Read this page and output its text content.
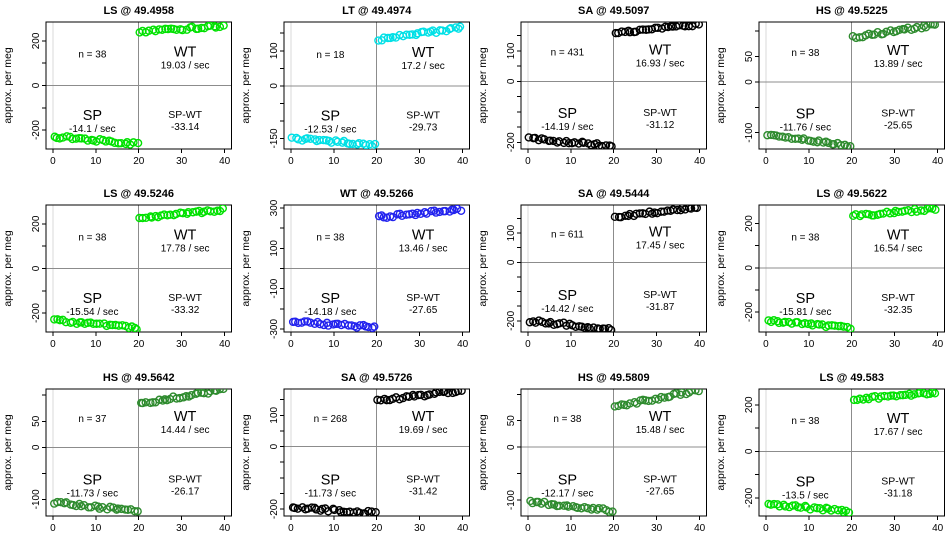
LS @ 49.4958
approx. per meg
0	10	20	30	40
200
0
-200
n = 38	WT
19.03 / sec
SP
-14.1 / sec
SP-WT
-33.14
LT @ 49.4974
approx. per meg
0	10	20	30	40
100
0
-150
n = 18	WT
17.2 / sec
SP
-12.53 / sec
SP-WT
-29.73
SA @ 49.5097
approx. per meg
0	10	20	30	40
100
0
-200
n = 431	WT
16.93 / sec
SP
-14.19 / sec
SP-WT
-31.12
HS @ 49.5225
approx. per meg
0	10	20	30	40
50
0
-100
n = 38	WT
13.89 / sec
SP
-11.76 / sec
SP-WT
-25.65
LS @ 49.5246
approx. per meg
0	10	20	30	40
200
0
-200
n = 38	WT
17.78 / sec
SP
-15.54 / sec
SP-WT
-33.32
WT @ 49.5266
approx. per meg
0	10	20	30	40
300
100
-100
-300
n = 38	WT
13.46 / sec
SP
-14.18 / sec
SP-WT
-27.65
SA @ 49.5444
approx. per meg
0	10	20	30	40
100
0
-200
n = 611	WT
17.45 / sec
SP
-14.42 / sec
SP-WT
-31.87
LS @ 49.5622
approx. per meg
0	10	20	30	40
200
0
-200
n = 38	WT
16.54 / sec
SP
-15.81 / sec
SP-WT
-32.35
HS @ 49.5642
approx. per meg
0	10	20	30	40
50
0
-100
n = 37	WT
14.44 / sec
SP
-11.73 / sec
SP-WT
-26.17
SA @ 49.5726
approx. per meg
0	10	20	30	40
100
0
-200
n = 268	WT
19.69 / sec
SP
-11.73 / sec
SP-WT
-31.42
HS @ 49.5809
approx. per meg
0	10	20	30	40
50
0
-100
n = 38	WT
15.48 / sec
SP
-12.17 / sec
SP-WT
-27.65
LS @ 49.583
approx. per meg
0	10	20	30	40
200
0
-200
n = 38	WT
17.67 / sec
SP
-13.5 / sec
SP-WT
-31.18
